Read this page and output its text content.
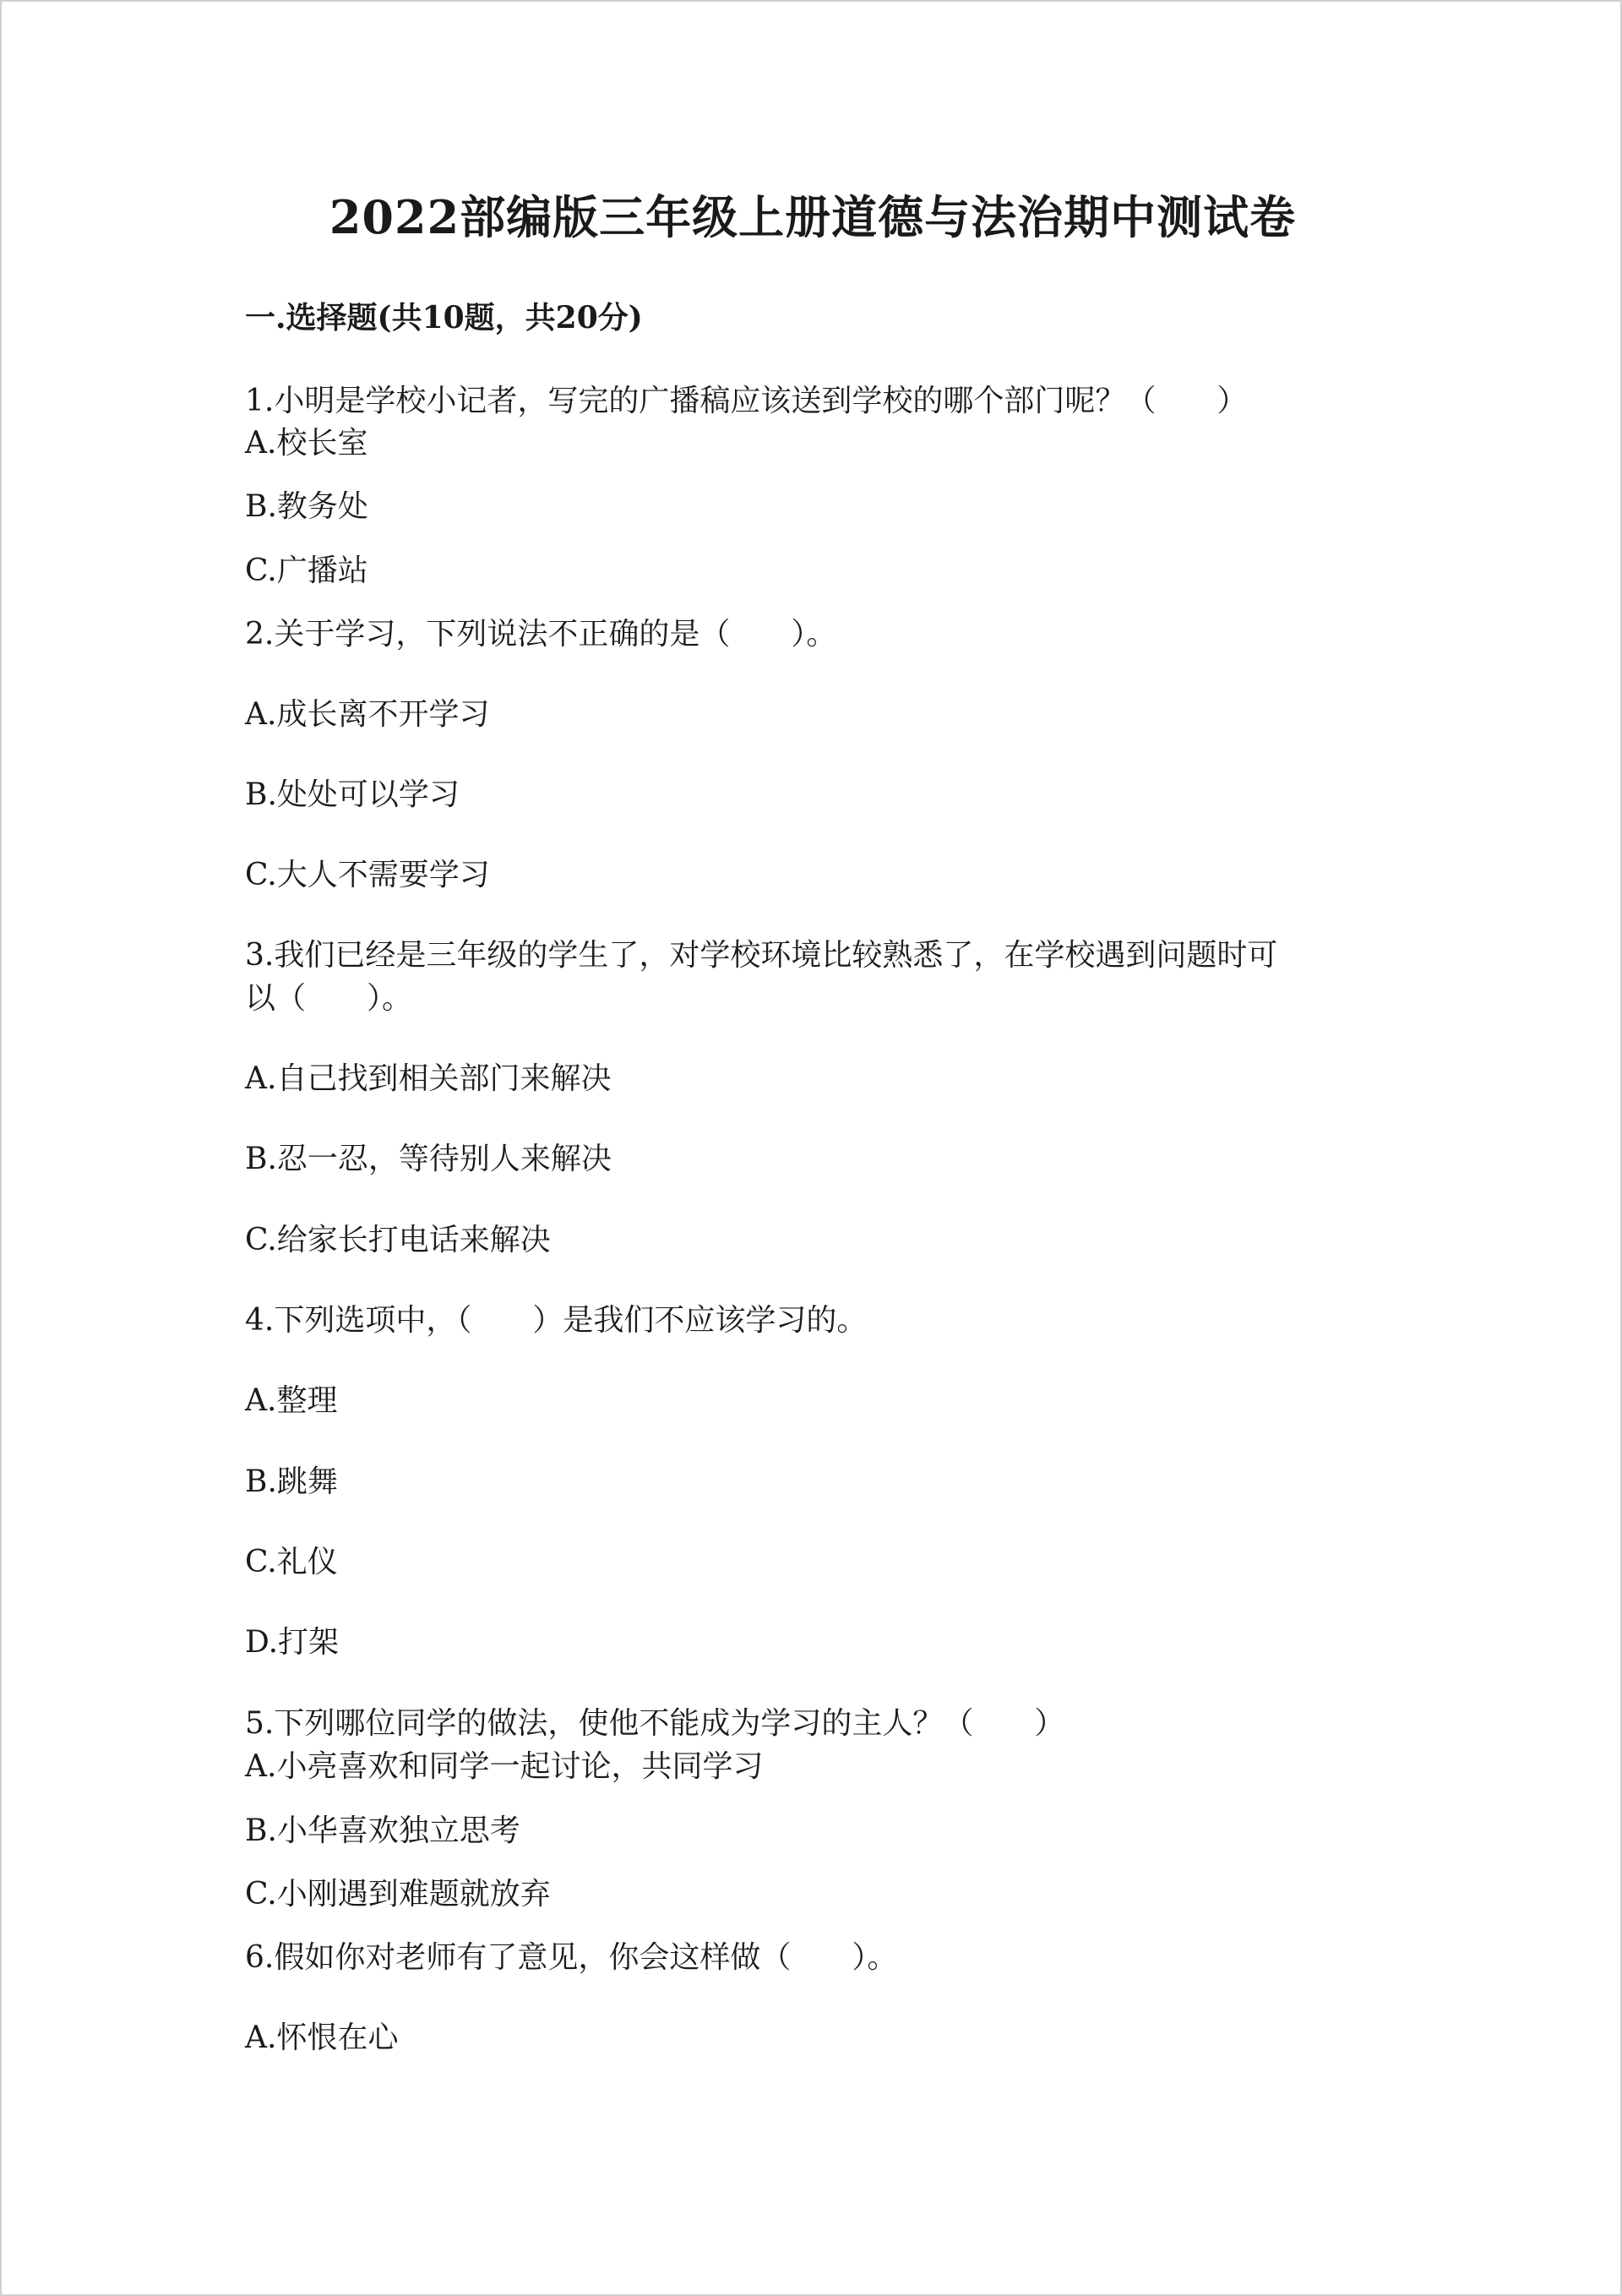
2022部编版三年级上册道德与法治期中测试卷
一.选择题(共10题，共20分)
1.小明是学校小记者，写完的广播稿应该送到学校的哪个部门呢？（　　）
A.校长室
B.教务处
C.广播站
2.关于学习，下列说法不正确的是（　　）。
A.成长离不开学习
B.处处可以学习
C.大人不需要学习
3.我们已经是三年级的学生了，对学校环境比较熟悉了，在学校遇到问题时可
以（　　）。
A.自己找到相关部门来解决
B.忍一忍，等待别人来解决
C.给家长打电话来解决
4.下列选项中，（　　）是我们不应该学习的。
A.整理
B.跳舞
C.礼仪
D.打架
5.下列哪位同学的做法，使他不能成为学习的主人？（　　）
A.小亮喜欢和同学一起讨论，共同学习
B.小华喜欢独立思考
C.小刚遇到难题就放弃
6.假如你对老师有了意见，你会这样做（　　）。
A.怀恨在心
